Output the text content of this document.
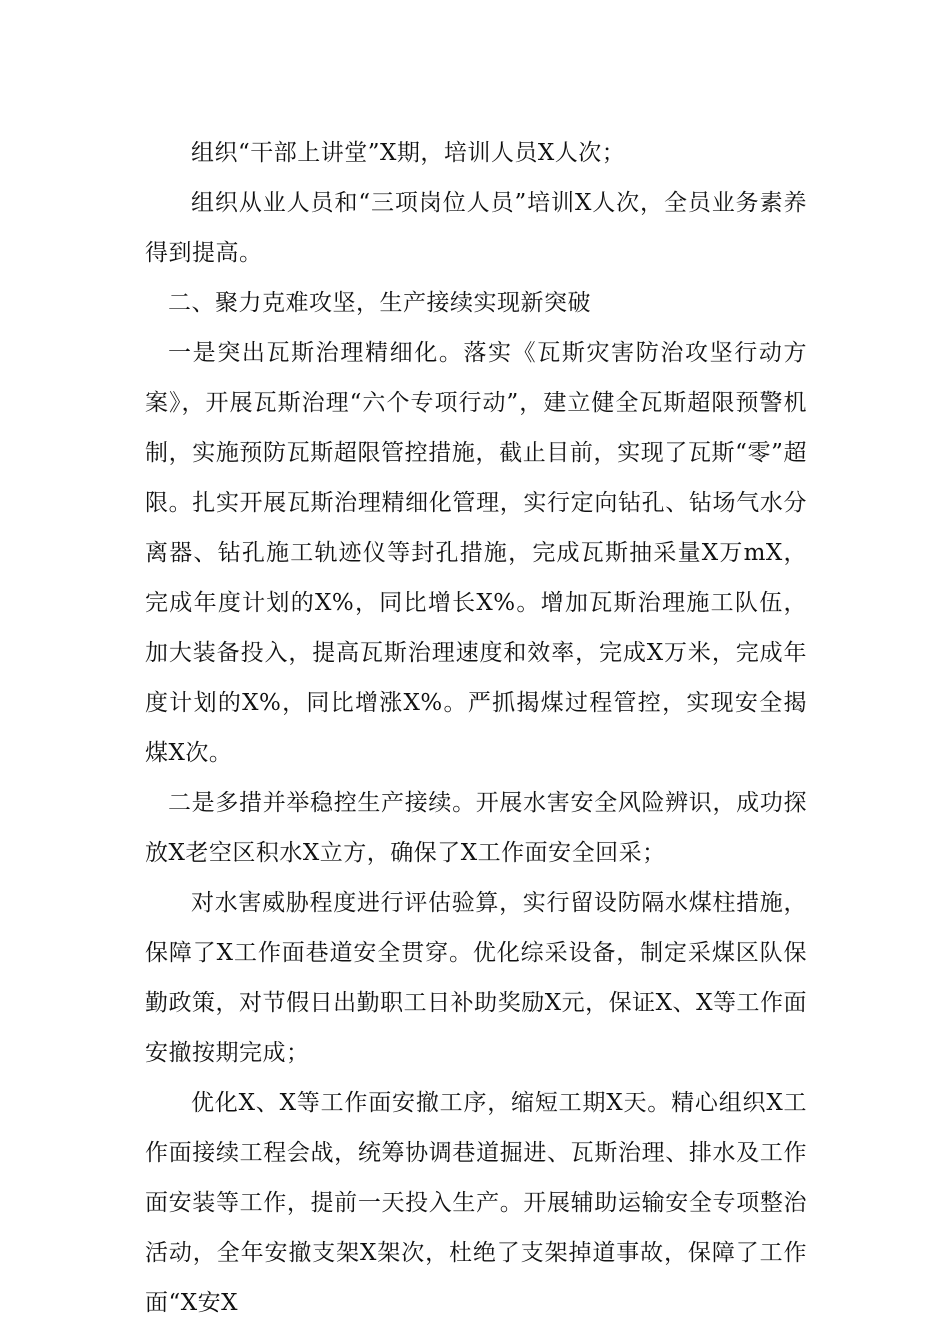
组织“干部上讲堂”X期，培训人员X人次；

组织从业人员和“三项岗位人员”培训X人次，全员业务素养得到提高。

二、聚力克难攻坚，生产接续实现新突破

一是突出瓦斯治理精细化。落实《瓦斯灾害防治攻坚行动方案》，开展瓦斯治理“六个专项行动”，建立健全瓦斯超限预警机制，实施预防瓦斯超限管控措施，截止目前，实现了瓦斯“零”超限。扎实开展瓦斯治理精细化管理，实行定向钻孔、钻场气水分离器、钻孔施工轨迹仪等封孔措施，完成瓦斯抽采量X万mX，完成年度计划的X%，同比增长X%。增加瓦斯治理施工队伍，加大装备投入，提高瓦斯治理速度和效率，完成X万米，完成年度计划的X%，同比增涨X%。严抓揭煤过程管控，实现安全揭煤X次。

二是多措并举稳控生产接续。开展水害安全风险辨识，成功探放X老空区积水X立方，确保了X工作面安全回采；

对水害威胁程度进行评估验算，实行留设防隔水煤柱措施，保障了X工作面巷道安全贯穿。优化综采设备，制定采煤区队保勤政策，对节假日出勤职工日补助奖励X元，保证X、X等工作面安撤按期完成；

优化X、X等工作面安撤工序，缩短工期X天。精心组织X工作面接续工程会战，统筹协调巷道掘进、瓦斯治理、排水及工作面安装等工作，提前一天投入生产。开展辅助运输安全专项整治活动，全年安撤支架X架次，杜绝了支架掉道事故，保障了工作面“X安X
